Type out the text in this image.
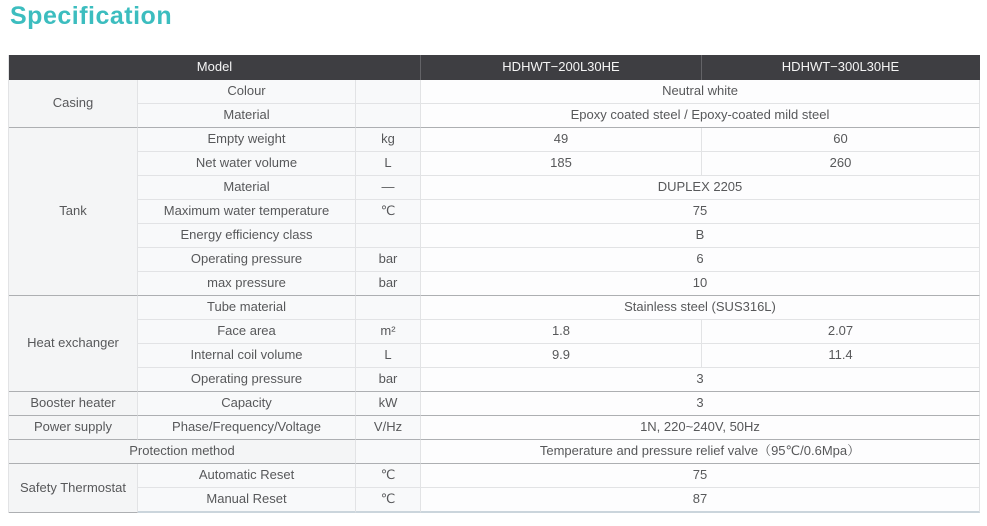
Specification
Model			HDHWT−200L30HE	HDHWT−300L30HE
Casing	Colour		Neutral white	
	Material		Epoxy coated steel / Epoxy-coated mild steel	
Tank	Empty weight	kg	49	60
	Net water volume	L	185	260
	Material	—	DUPLEX 2205	
	Maximum water temperature	℃	75	
	Energy efficiency class		B	
	Operating pressure	bar	6	
	max pressure	bar	10	
Heat exchanger	Tube material		Stainless steel (SUS316L)	
	Face area	m²	1.8	2.07
	Internal coil volume	L	9.9	11.4
	Operating pressure	bar	3	
Booster heater	Capacity	kW	3	
Power supply	Phase/Frequency/Voltage	V/Hz	1N, 220~240V, 50Hz	
Protection method			Temperature and pressure relief valve（95℃/0.6Mpa）	
Safety Thermostat	Automatic Reset	℃	75	
	Manual Reset	℃	87	
